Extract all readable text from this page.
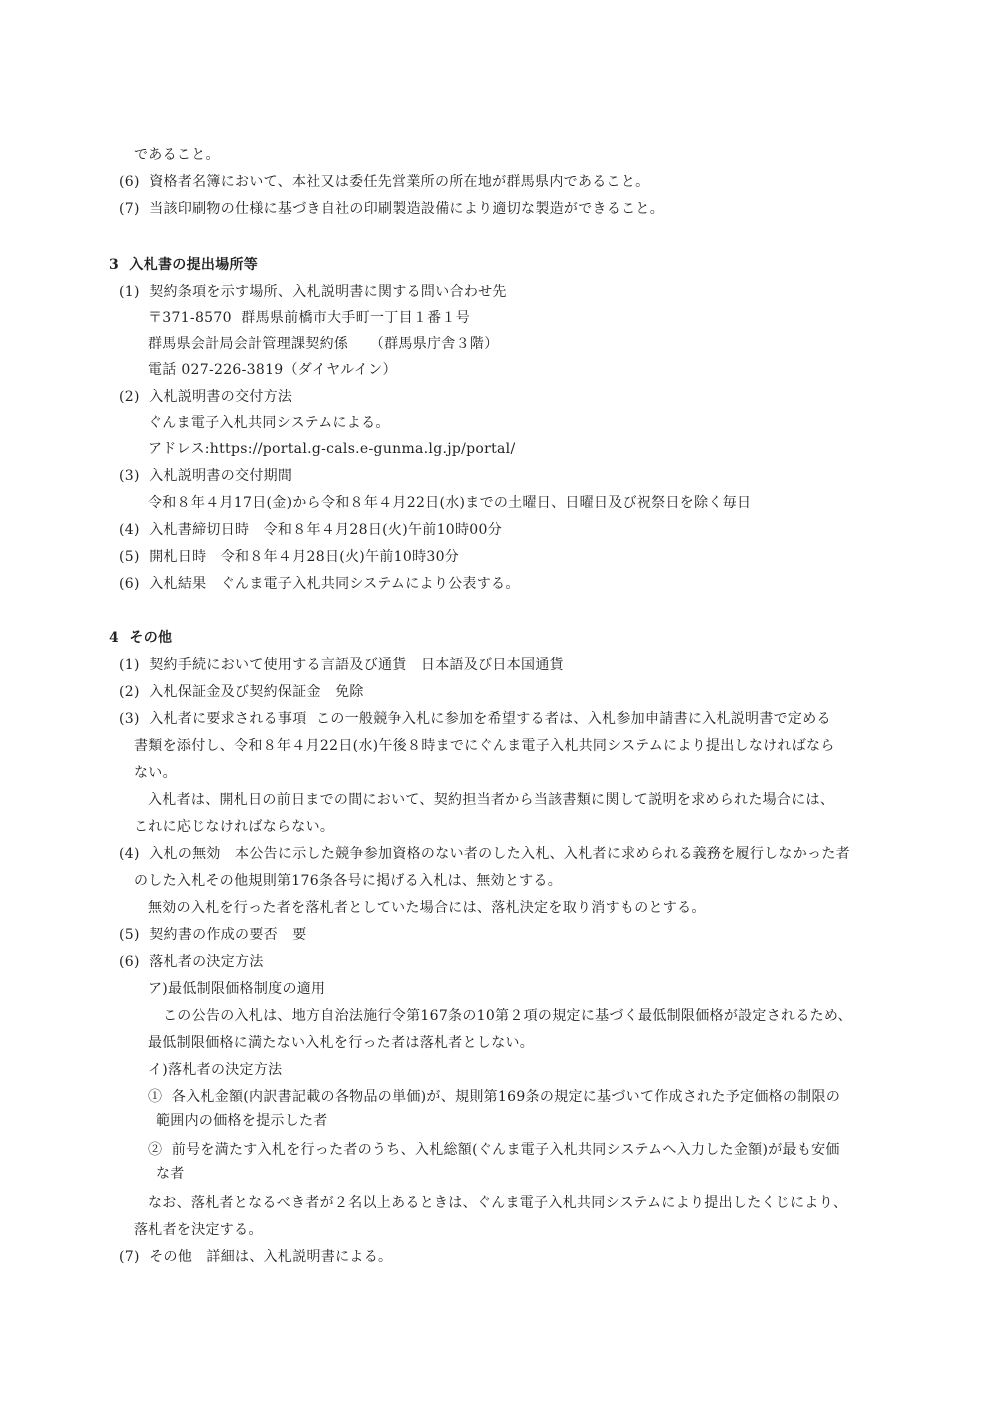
であること。
(6)  資格者名簿において、本社又は委任先営業所の所在地が群馬県内であること。
(7)  当該印刷物の仕様に基づき自社の印刷製造設備により適切な製造ができること。
3  入札書の提出場所等
(1)  契約条項を示す場所、入札説明書に関する問い合わせ先
〒371-8570  群馬県前橋市大手町一丁目１番１号
群馬県会計局会計管理課契約係　　（群馬県庁舎３階）
電話 027-226-3819（ダイヤルイン）
(2)  入札説明書の交付方法
ぐんま電子入札共同システムによる。
アドレス:https://portal.g-cals.e-gunma.lg.jp/portal/
(3)  入札説明書の交付期間
令和８年４月17日(金)から令和８年４月22日(水)までの土曜日、日曜日及び祝祭日を除く毎日
(4)  入札書締切日時　令和８年４月28日(火)午前10時00分
(5)  開札日時　令和８年４月28日(火)午前10時30分
(6)  入札結果　ぐんま電子入札共同システムにより公表する。
4  その他
(1)  契約手続において使用する言語及び通貨　日本語及び日本国通貨
(2)  入札保証金及び契約保証金　免除
(3)  入札者に要求される事項  この一般競争入札に参加を希望する者は、入札参加申請書に入札説明書で定める
書類を添付し、令和８年４月22日(水)午後８時までにぐんま電子入札共同システムにより提出しなければなら
ない。
入札者は、開札日の前日までの間において、契約担当者から当該書類に関して説明を求められた場合には、
これに応じなければならない。
(4)  入札の無効　本公告に示した競争参加資格のない者のした入札、入札者に求められる義務を履行しなかった者
のした入札その他規則第176条各号に掲げる入札は、無効とする。
無効の入札を行った者を落札者としていた場合には、落札決定を取り消すものとする。
(5)  契約書の作成の要否　要
(6)  落札者の決定方法
ア)最低制限価格制度の適用
この公告の入札は、地方自治法施行令第167条の10第２項の規定に基づく最低制限価格が設定されるため、
最低制限価格に満たない入札を行った者は落札者としない。
イ)落札者の決定方法
①  各入札金額(内訳書記載の各物品の単価)が、規則第169条の規定に基づいて作成された予定価格の制限の
範囲内の価格を提示した者
②  前号を満たす入札を行った者のうち、入札総額(ぐんま電子入札共同システムへ入力した金額)が最も安価
な者
なお、落札者となるべき者が２名以上あるときは、ぐんま電子入札共同システムにより提出したくじにより、
落札者を決定する。
(7)  その他　詳細は、入札説明書による。
